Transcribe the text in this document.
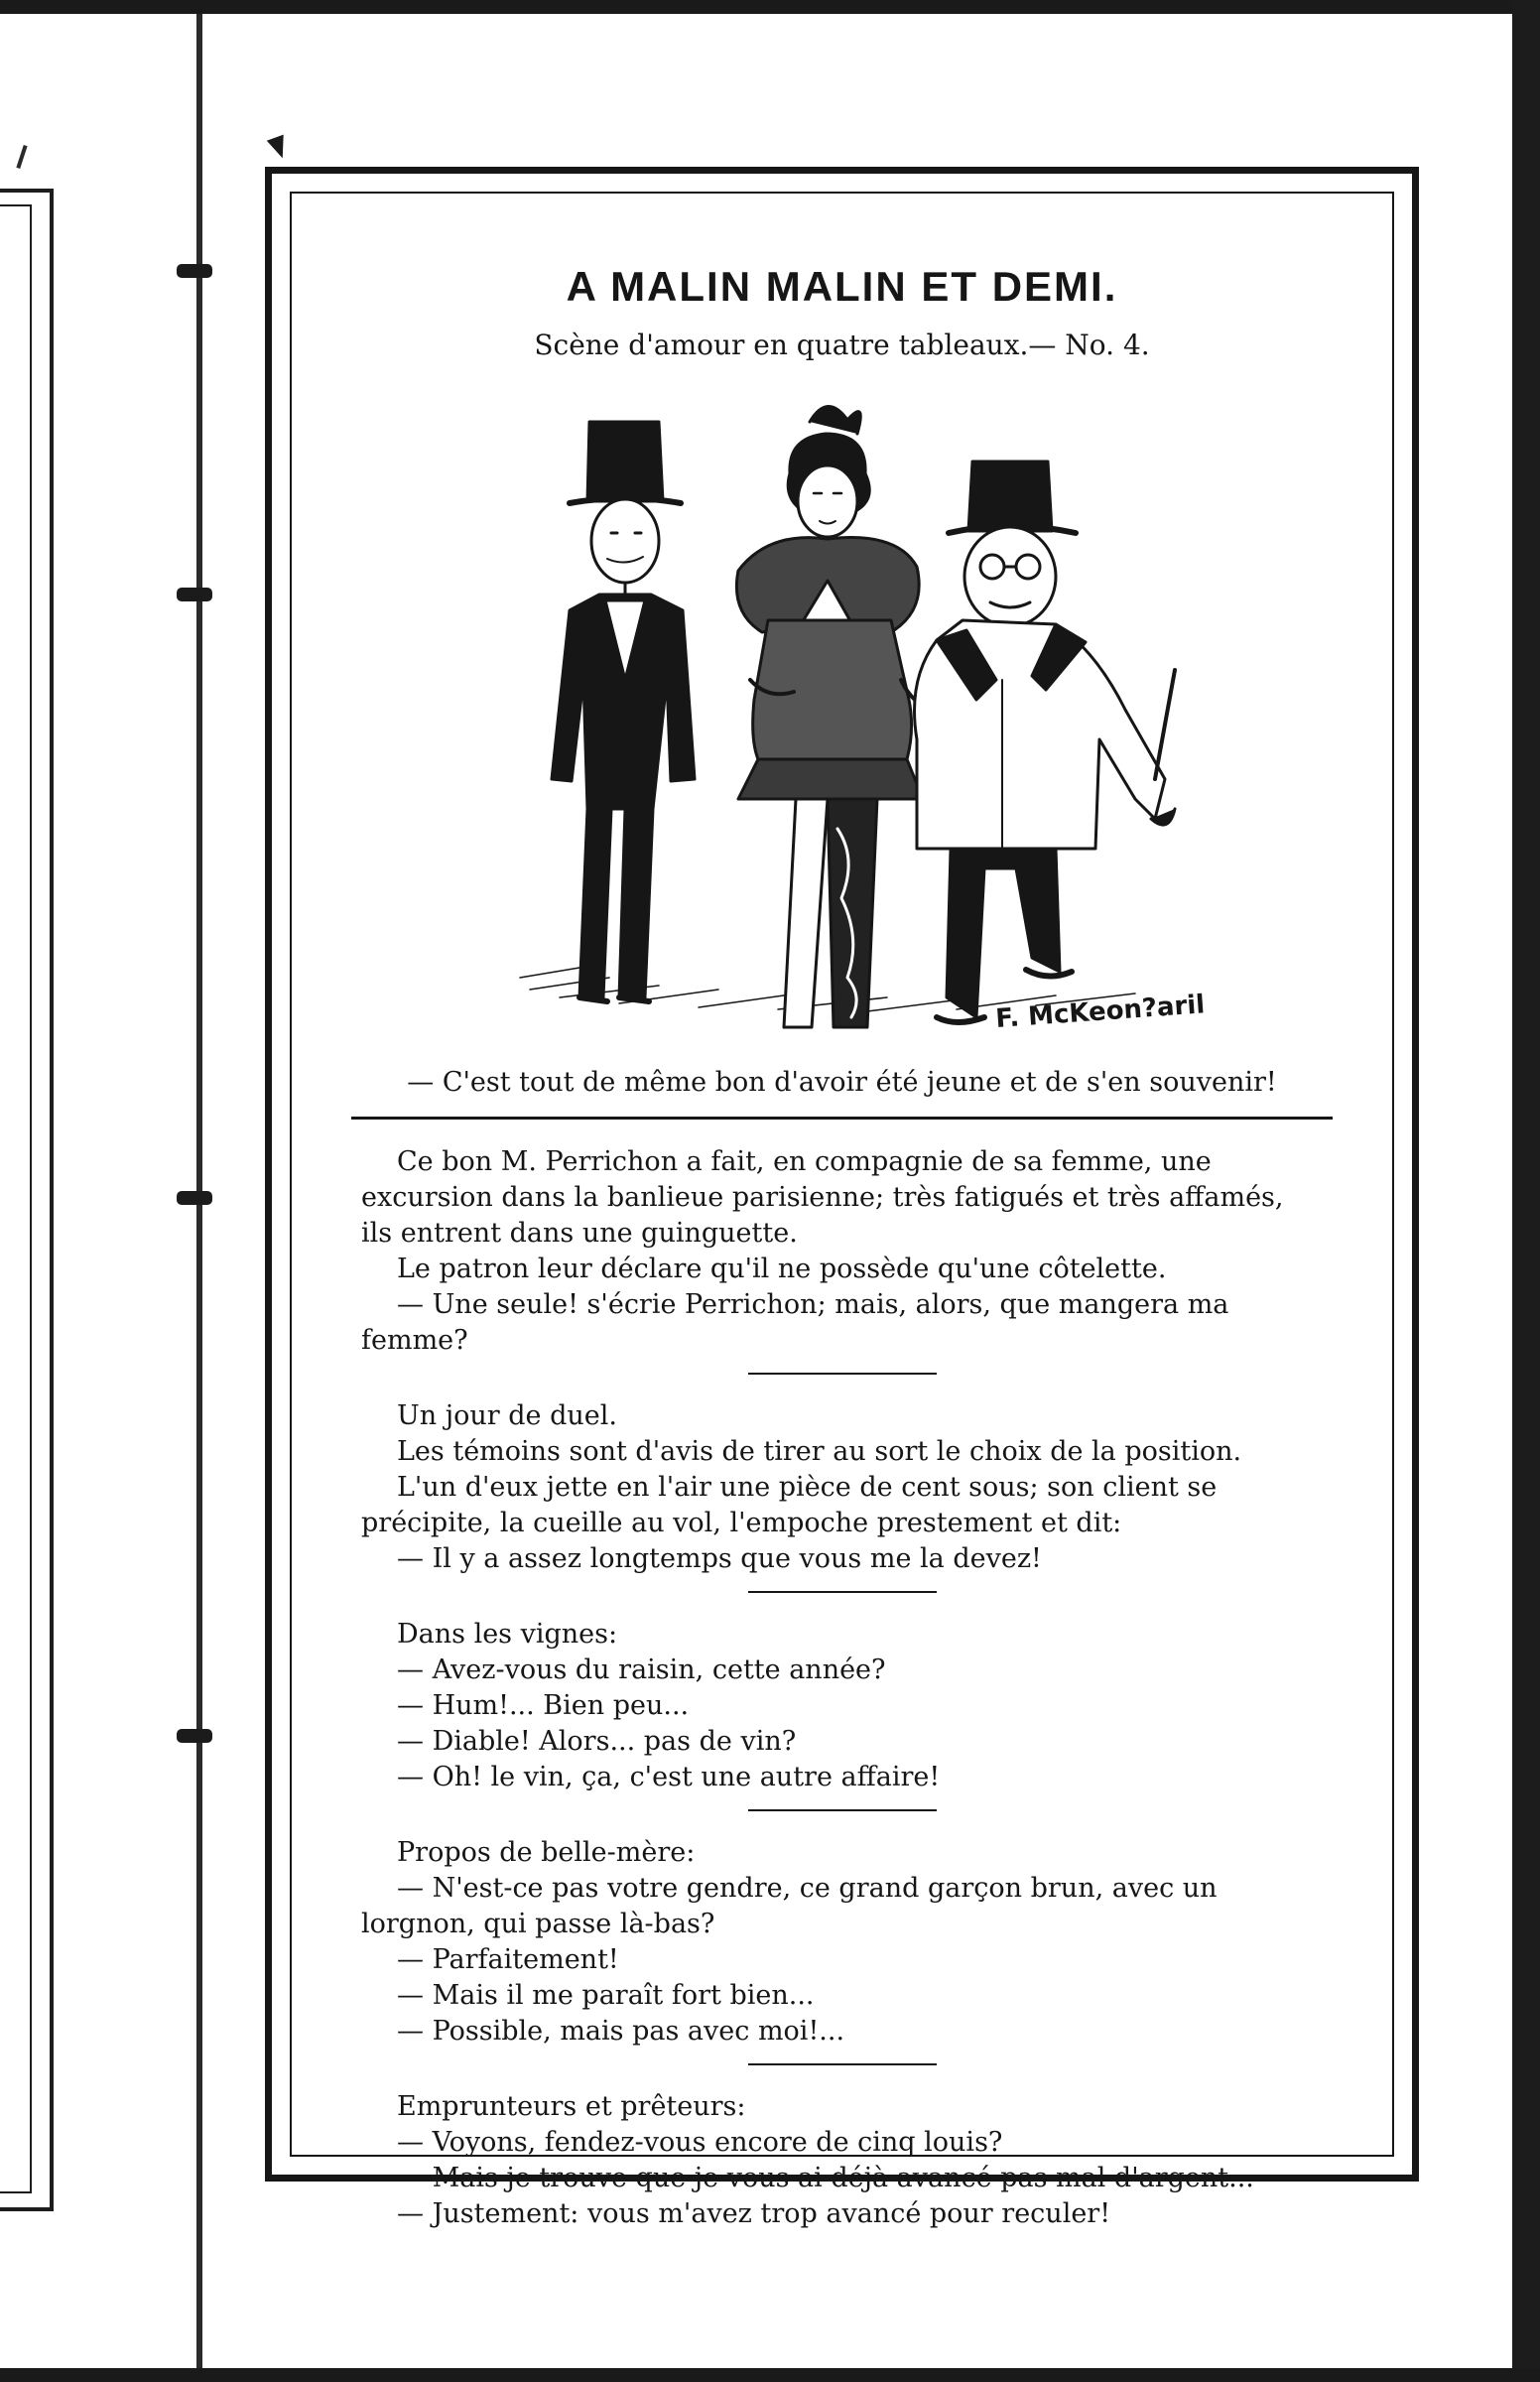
A MALIN MALIN ET DEMI.
Scène d'amour en quatre tableaux.— No. 4.
F. McKeon?aril
— C'est tout de même bon d'avoir été jeune et de s'en souvenir!

Ce bon M. Perrichon a fait, en compagnie de sa femme, une excursion dans la banlieue parisienne; très fatigués et très affamés, ils entrent dans une guinguette.

Le patron leur déclare qu'il ne possède qu'une côtelette.

— Une seule! s'écrie Perrichon; mais, alors, que mangera ma femme?

Un jour de duel.

Les témoins sont d'avis de tirer au sort le choix de la position.

L'un d'eux jette en l'air une pièce de cent sous; son client se précipite, la cueille au vol, l'empoche prestement et dit:

— Il y a assez longtemps que vous me la devez!

Dans les vignes:

— Avez-vous du raisin, cette année?

— Hum!... Bien peu...

— Diable! Alors... pas de vin?

— Oh! le vin, ça, c'est une autre affaire!

Propos de belle-mère:

— N'est-ce pas votre gendre, ce grand garçon brun, avec un lorgnon, qui passe là-bas?

— Parfaitement!

— Mais il me paraît fort bien...

— Possible, mais pas avec moi!...

Emprunteurs et prêteurs:

— Voyons, fendez-vous encore de cinq louis?

— Mais je trouve que je vous ai déjà avancé pas mal d'argent...

— Justement: vous m'avez trop avancé pour reculer!
